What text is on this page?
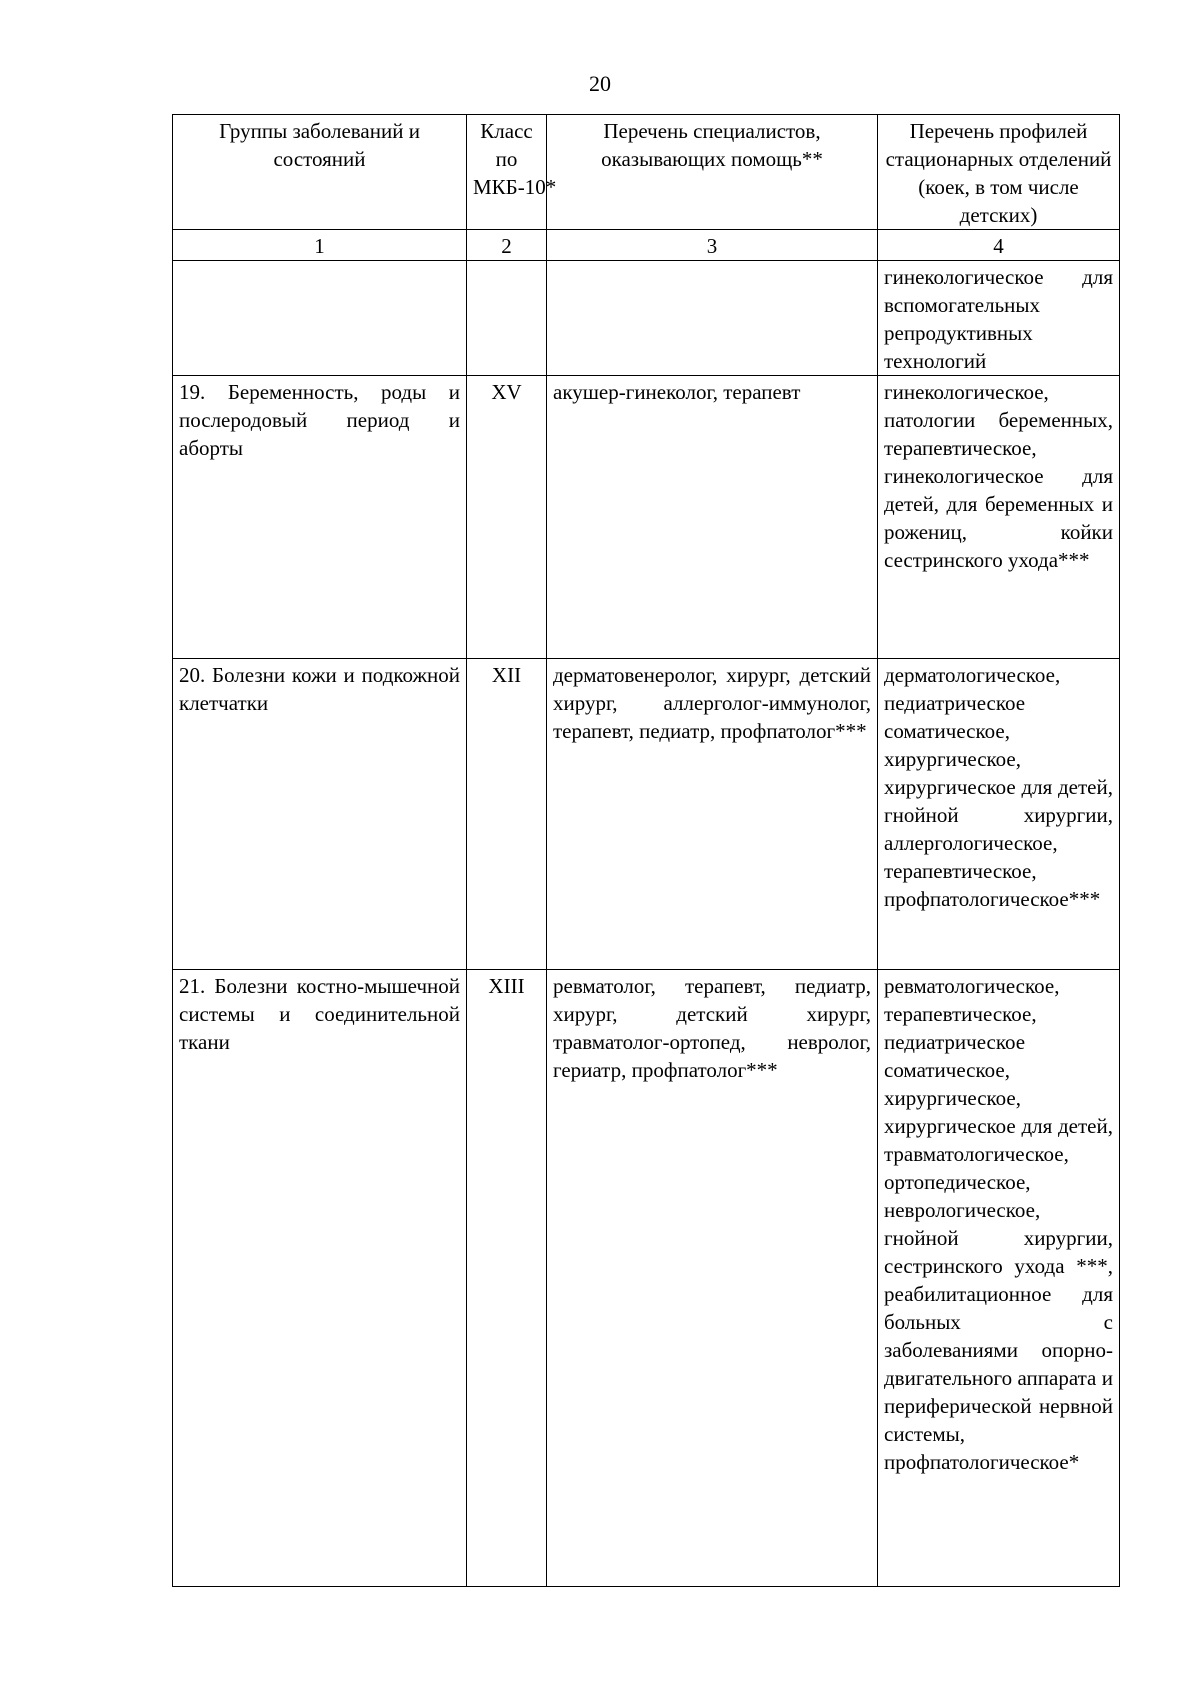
20
Группы заболеваний и состояний	Класс по МКБ-10*	Перечень специалистов, оказывающих помощь**	Перечень профилей стационарных отделений (коек, в том числе детских)
1	2	3	4
			гинекологическое для вспомогательных репродуктивных технологий
19. Беременность, роды и послеродовый период и аборты	XV	акушер-гинеколог, терапевт	гинекологическое, патологии беременных, терапевтическое, гинекологическое для детей, для беременных и рожениц, койки сестринского ухода***
20. Болезни кожи и подкожной клетчатки	XII	дерматовенеролог, хирург, детский хирург, аллерголог-иммунолог, терапевт, педиатр, профпатолог***	дерматологическое, педиатрическое соматическое, хирургическое, хирургическое для детей, гнойной хирургии, аллергологическое, терапевтическое, профпатологическое***
21. Болезни костно-мышечной системы и соединительной ткани	XIII	ревматолог, терапевт, педиатр, хирург, детский хирург, травматолог-ортопед, невролог, гериатр, профпатолог***	ревматологическое, терапевтическое, педиатрическое соматическое, хирургическое, хирургическое для детей, травматологическое, ортопедическое, неврологическое, гнойной хирургии, сестринского ухода ***, реабилитационное для больных с заболеваниями опорно-двигательного аппарата и периферической нервной системы, профпатологическое*
